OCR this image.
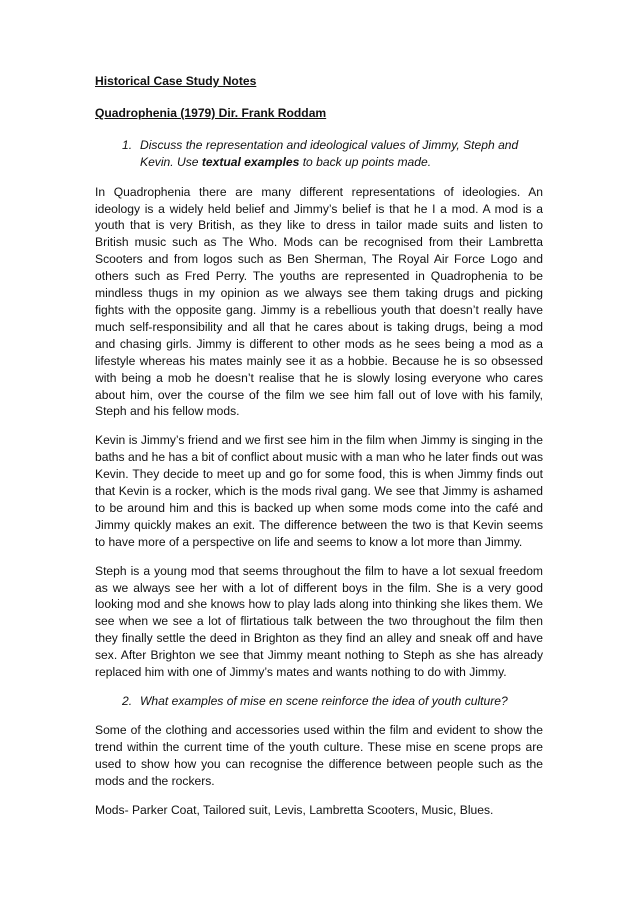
Historical Case Study Notes

Quadrophenia (1979) Dir. Frank Roddam

1. Discuss the representation and ideological values of Jimmy, Steph and Kevin. Use textual examples to back up points made.

In Quadrophenia there are many different representations of ideologies. An ideology is a widely held belief and Jimmy’s belief is that he I a mod. A mod is a youth that is very British, as they like to dress in tailor made suits and listen to British music such as The Who. Mods can be recognised from their Lambretta Scooters and from logos such as Ben Sherman, The Royal Air Force Logo and others such as Fred Perry. The youths are represented in Quadrophenia to be mindless thugs in my opinion as we always see them taking drugs and picking fights with the opposite gang. Jimmy is a rebellious youth that doesn’t really have much self-responsibility and all that he cares about is taking drugs, being a mod and chasing girls. Jimmy is different to other mods as he sees being a mod as a lifestyle whereas his mates mainly see it as a hobbie. Because he is so obsessed with being a mob he doesn’t realise that he is slowly losing everyone who cares about him, over the course of the film we see him fall out of love with his family, Steph and his fellow mods.

Kevin is Jimmy’s friend and we first see him in the film when Jimmy is singing in the baths and he has a bit of conflict about music with a man who he later finds out was Kevin. They decide to meet up and go for some food, this is when Jimmy finds out that Kevin is a rocker, which is the mods rival gang. We see that Jimmy is ashamed to be around him and this is backed up when some mods come into the café and Jimmy quickly makes an exit. The difference between the two is that Kevin seems to have more of a perspective on life and seems to know a lot more than Jimmy.

Steph is a young mod that seems throughout the film to have a lot sexual freedom as we always see her with a lot of different boys in the film. She is a very good looking mod and she knows how to play lads along into thinking she likes them. We see when we see a lot of flirtatious talk between the two throughout the film then they finally settle the deed in Brighton as they find an alley and sneak off and have sex. After Brighton we see that Jimmy meant nothing to Steph as she has already replaced him with one of Jimmy’s mates and wants nothing to do with Jimmy.

2. What examples of mise en scene reinforce the idea of youth culture?

Some of the clothing and accessories used within the film and evident to show the trend within the current time of the youth culture. These mise en scene props are used to show how you can recognise the difference between people such as the mods and the rockers.

Mods- Parker Coat, Tailored suit, Levis, Lambretta Scooters, Music, Blues.
